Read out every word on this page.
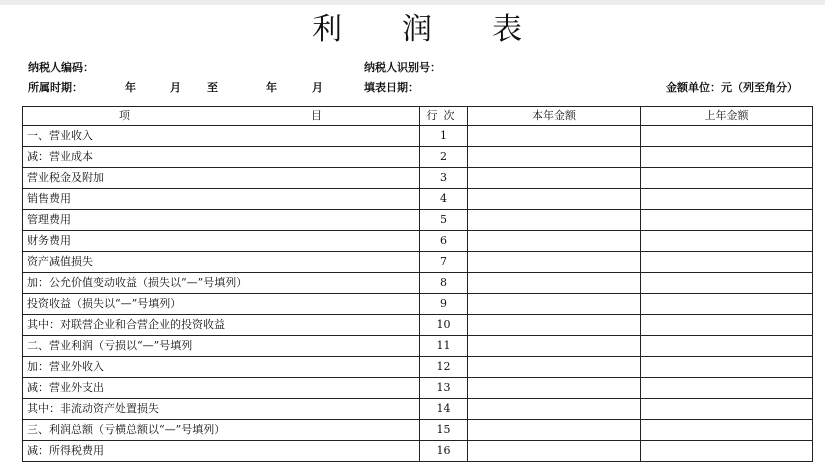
利 润 表
纳税人编码：	纳税人识别号：
所属时期：	年	月 至	年	月	填表日期：	金额单位：元（列至角分）
项 目	行次	本年金额	上年金额
一、营业收入	1		
减：营业成本	2		
营业税金及附加	3		
销售费用	4		
管理费用	5		
财务费用	6		
资产减值损失	7		
加：公允价值变动收益（损失以“—”号填列）	8		
投资收益（损失以“—”号填列）	9		
其中：对联营企业和合营企业的投资收益	10		
二、营业利润（亏损以“—”号填列	11		
加：营业外收入	12		
减：营业外支出	13		
其中：非流动资产处置损失	14		
三、利润总额（亏横总额以“—”号填列）	15		
减：所得税费用	16		
